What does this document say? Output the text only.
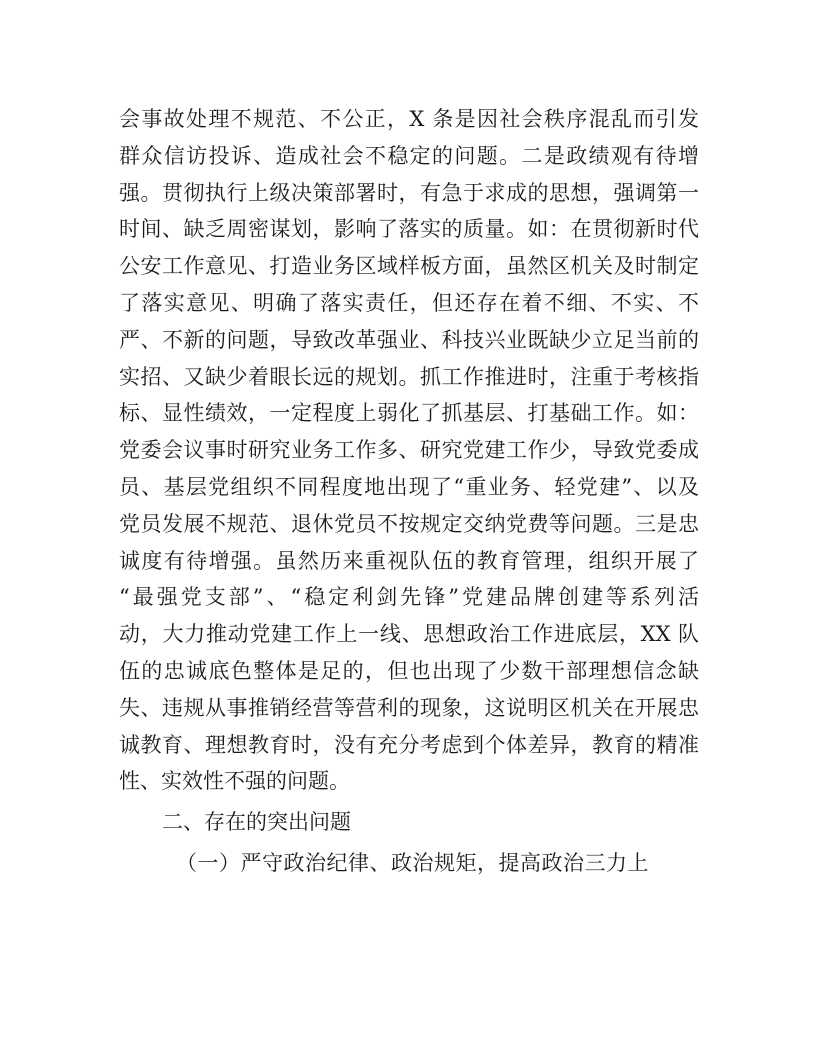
会事故处理不规范、不公正，X 条是因社会秩序混乱而引发
群众信访投诉、造成社会不稳定的问题。二是政绩观有待增
强。贯彻执行上级决策部署时，有急于求成的思想，强调第一
时间、缺乏周密谋划，影响了落实的质量。如：在贯彻新时代
公安工作意见、打造业务区域样板方面，虽然区机关及时制定
了落实意见、明确了落实责任，但还存在着不细、不实、不
严、不新的问题，导致改革强业、科技兴业既缺少立足当前的
实招、又缺少着眼长远的规划。抓工作推进时，注重于考核指
标、显性绩效，一定程度上弱化了抓基层、打基础工作。如：
党委会议事时研究业务工作多、研究党建工作少，导致党委成
员、基层党组织不同程度地出现了“重业务、轻党建”、以及
党员发展不规范、退休党员不按规定交纳党费等问题。三是忠
诚度有待增强。虽然历来重视队伍的教育管理，组织开展了
“最强党支部”、“稳定利剑先锋”党建品牌创建等系列活
动，大力推动党建工作上一线、思想政治工作进底层，XX 队
伍的忠诚底色整体是足的，但也出现了少数干部理想信念缺
失、违规从事推销经营等营利的现象，这说明区机关在开展忠
诚教育、理想教育时，没有充分考虑到个体差异，教育的精准
性、实效性不强的问题。
二、存在的突出问题
（一）严守政治纪律、政治规矩，提高政治三力上
